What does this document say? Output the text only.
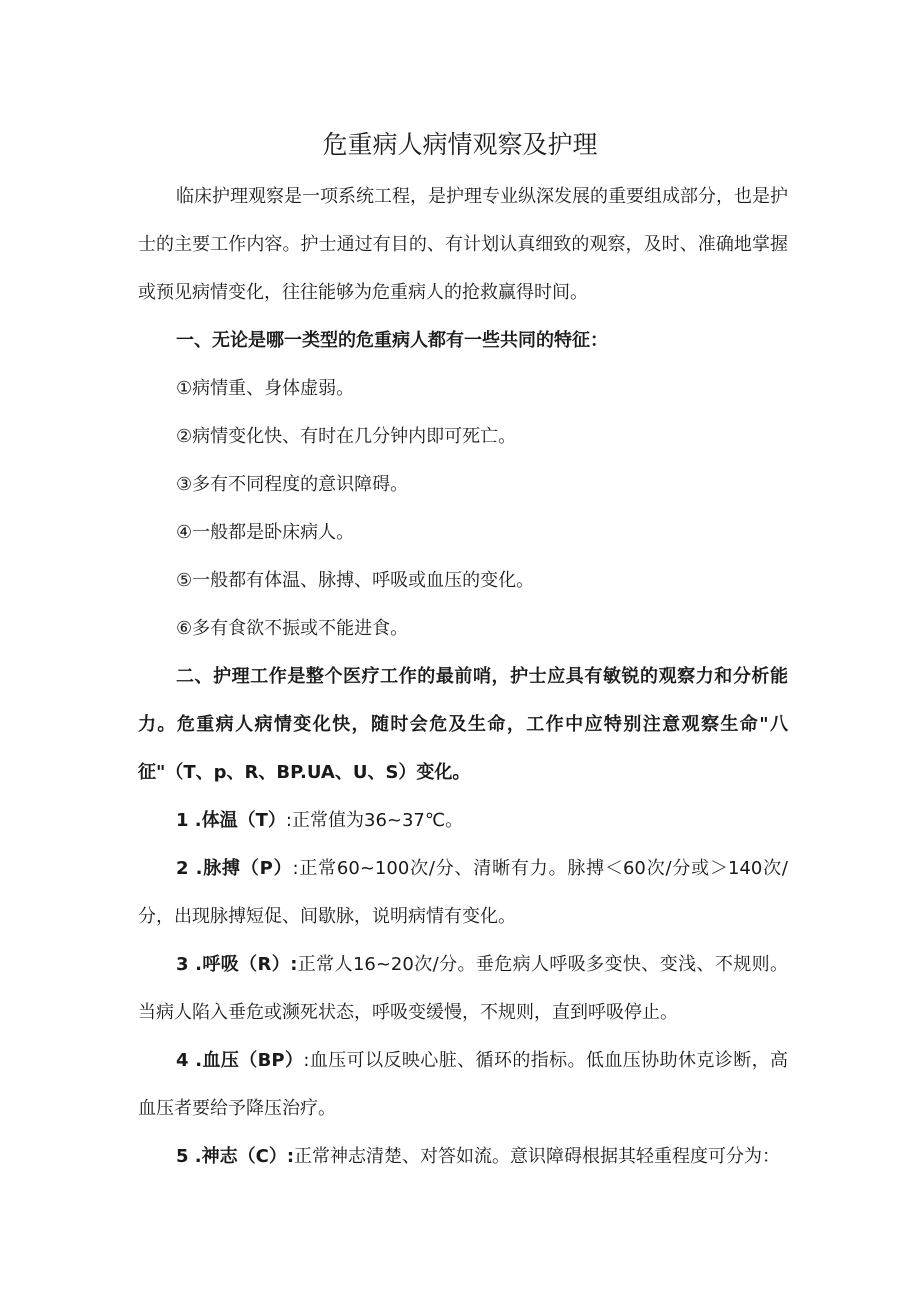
危重病人病情观察及护理

临床护理观察是一项系统工程，是护理专业纵深发展的重要组成部分，也是护士的主要工作内容。护士通过有目的、有计划认真细致的观察，及时、准确地掌握或预见病情变化，往往能够为危重病人的抢救赢得时间。

一、无论是哪一类型的危重病人都有一些共同的特征：

①病情重、身体虚弱。

②病情变化快、有时在几分钟内即可死亡。

③多有不同程度的意识障碍。

④一般都是卧床病人。

⑤一般都有体温、脉搏、呼吸或血压的变化。

⑥多有食欲不振或不能进食。

二、护理工作是整个医疗工作的最前哨，护士应具有敏锐的观察力和分析能力。危重病人病情变化快，随时会危及生命，工作中应特别注意观察生命"八征"（T、p、R、BP.UA、U、S）变化。

1 .体温（T）:正常值为36~37℃。

2 .脉搏（P）:正常60~100次/分、清晰有力。脉搏＜60次/分或＞140次/分，出现脉搏短促、间歇脉，说明病情有变化。

3 .呼吸（R）:正常人16~20次/分。垂危病人呼吸多变快、变浅、不规则。当病人陷入垂危或濒死状态，呼吸变缓慢，不规则，直到呼吸停止。

4 .血压（BP）:血压可以反映心脏、循环的指标。低血压协助休克诊断，高血压者要给予降压治疗。

5 .神志（C）:正常神志清楚、对答如流。意识障碍根据其轻重程度可分为：
